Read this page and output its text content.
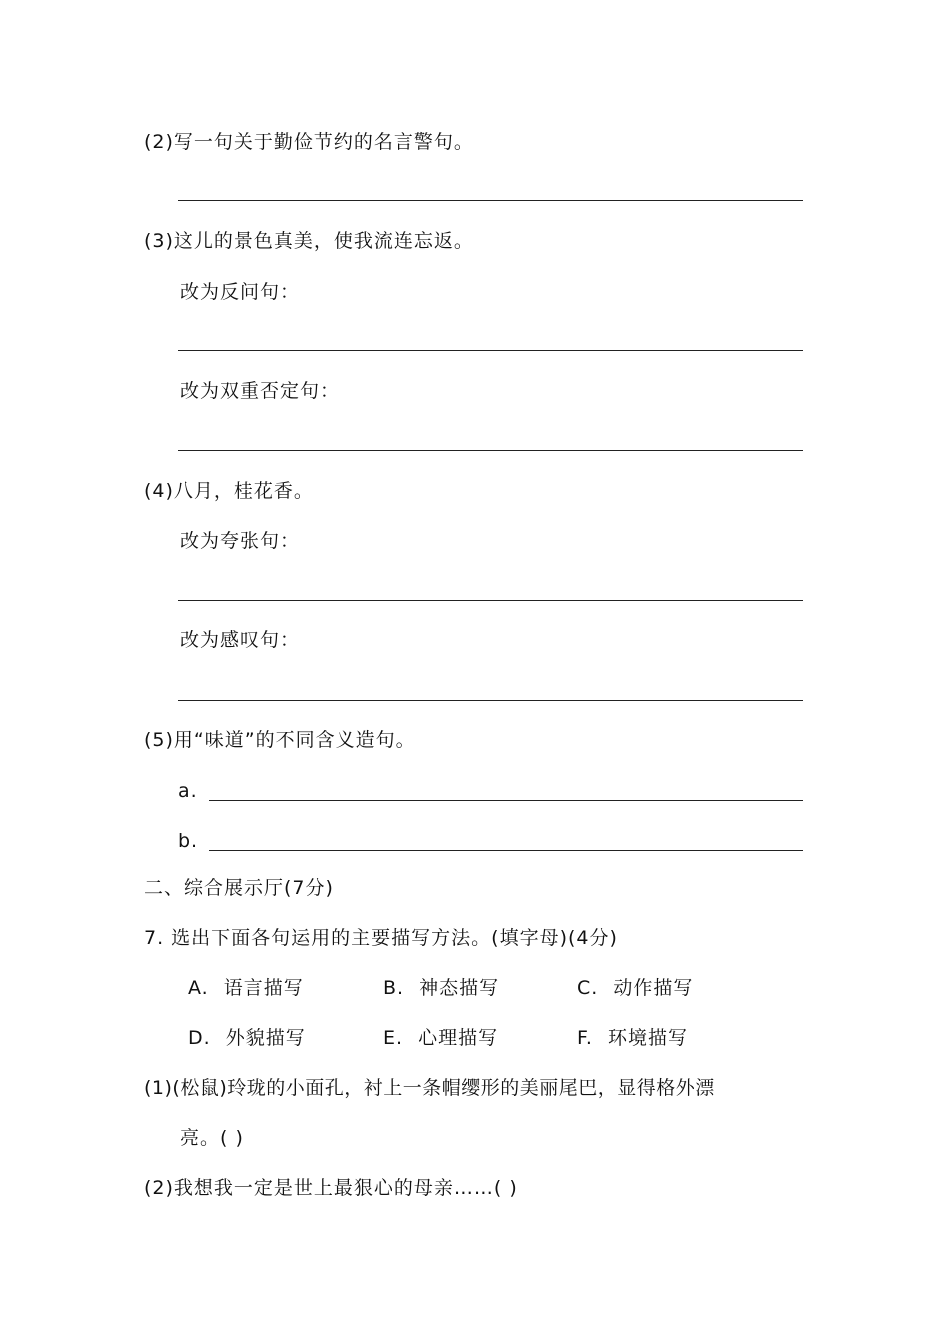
(2)写一句关于勤俭节约的名言警句。
(3)这儿的景色真美，使我流连忘返。
改为反问句：
改为双重否定句：
(4)八月，桂花香。
改为夸张句：
改为感叹句：
(5)用“味道”的不同含义造句。
a.
b.
二、综合展示厅(7分)
7. 选出下面各句运用的主要描写方法。(填字母)(4分)
A. 语言描写	B. 神态描写	C. 动作描写
D. 外貌描写	E. 心理描写	F. 环境描写
(1)(松鼠)玲珑的小面孔，衬上一条帽缨形的美丽尾巴，显得格外漂
亮。( )
(2)我想我一定是世上最狠心的母亲……( )
